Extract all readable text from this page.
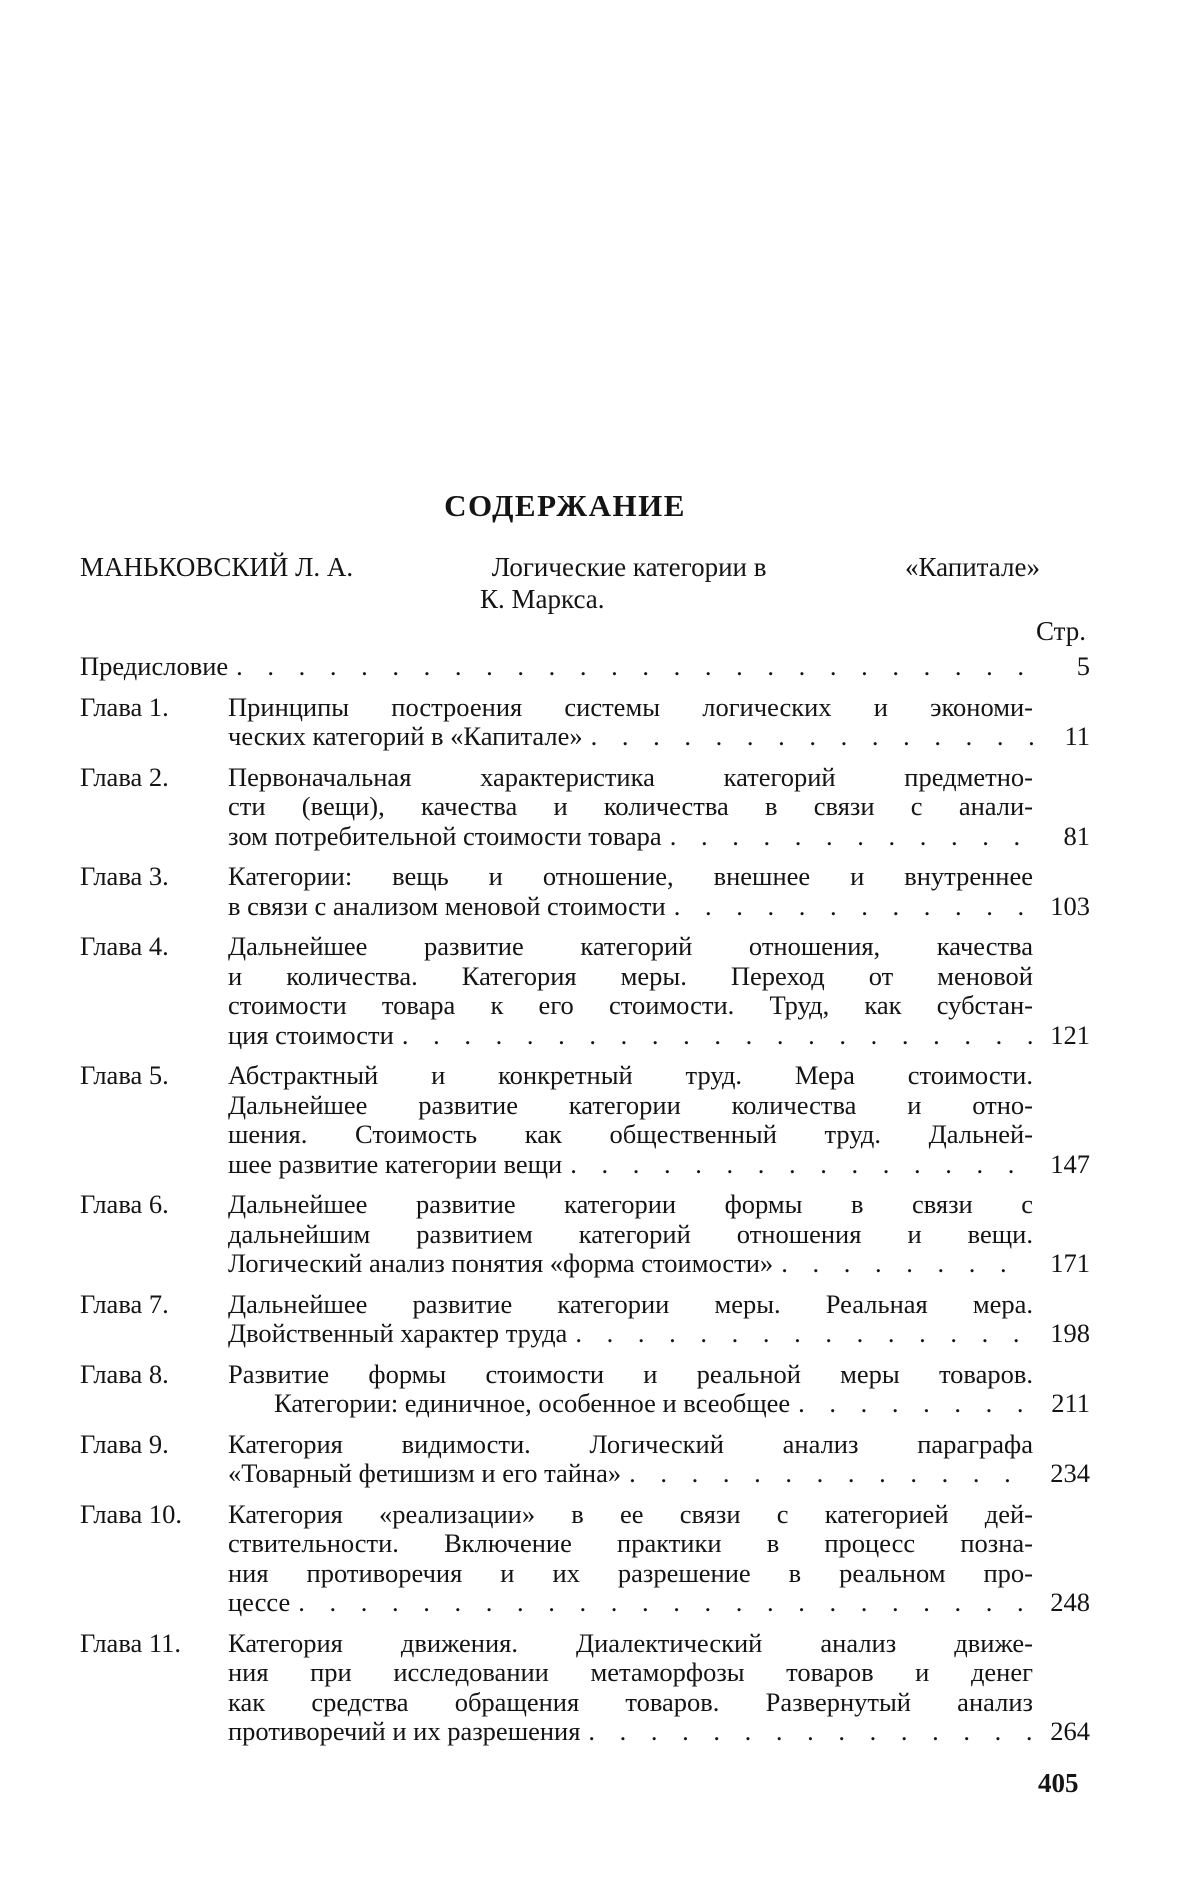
СОДЕРЖАНИЕ
МАНЬКОВСКИЙ Л. А.	Логические категории в	«Капитале»
К. Маркса.
Стр.
Предисловие . . .	5
Глава 1.	Принципы построения системы логических и экономи-
ческих категорий в «Капитале» . . .	11
Глава 2.	Первоначальная характеристика категорий предметно-
сти (вещи), качества и количества в связи с анали-
зом потребительной стоимости товара . . .	81
Глава 3.	Категории: вещь и отношение, внешнее и внутреннее
в связи с анализом меновой стоимости . . .	103
Глава 4.	Дальнейшее развитие категорий отношения, качества
и количества. Категория меры. Переход от меновой
стоимости товара к его стоимости. Труд, как субстан-
ция стоимости . . .	121
Глава 5.	Абстрактный и конкретный труд. Мера стоимости.
Дальнейшее развитие категории количества и отно-
шения. Стоимость как общественный труд. Дальней-
шее развитие категории вещи . . .	147
Глава 6.	Дальнейшее развитие категории формы в связи с
дальнейшим развитием категорий отношения и вещи.
Логический анализ понятия «форма стоимости» . . .	171
Глава 7.	Дальнейшее развитие категории меры. Реальная мера.
Двойственный характер труда . . .	198
Глава 8.	Развитие формы стоимости и реальной меры товаров.
Категории: единичное, особенное и всеобщее . . .	211
Глава 9.	Категория видимости. Логический анализ параграфа
«Товарный фетишизм и его тайна» . . .	234
Глава 10.	Категория «реализации» в ее связи с категорией дей-
ствительности. Включение практики в процесс позна-
ния противоречия и их разрешение в реальном про-
цессе . . .	248
Глава 11.	Категория движения. Диалектический анализ движе-
ния при исследовании метаморфозы товаров и денег
как средства обращения товаров. Развернутый анализ
противоречий и их разрешения . . .	264
405
